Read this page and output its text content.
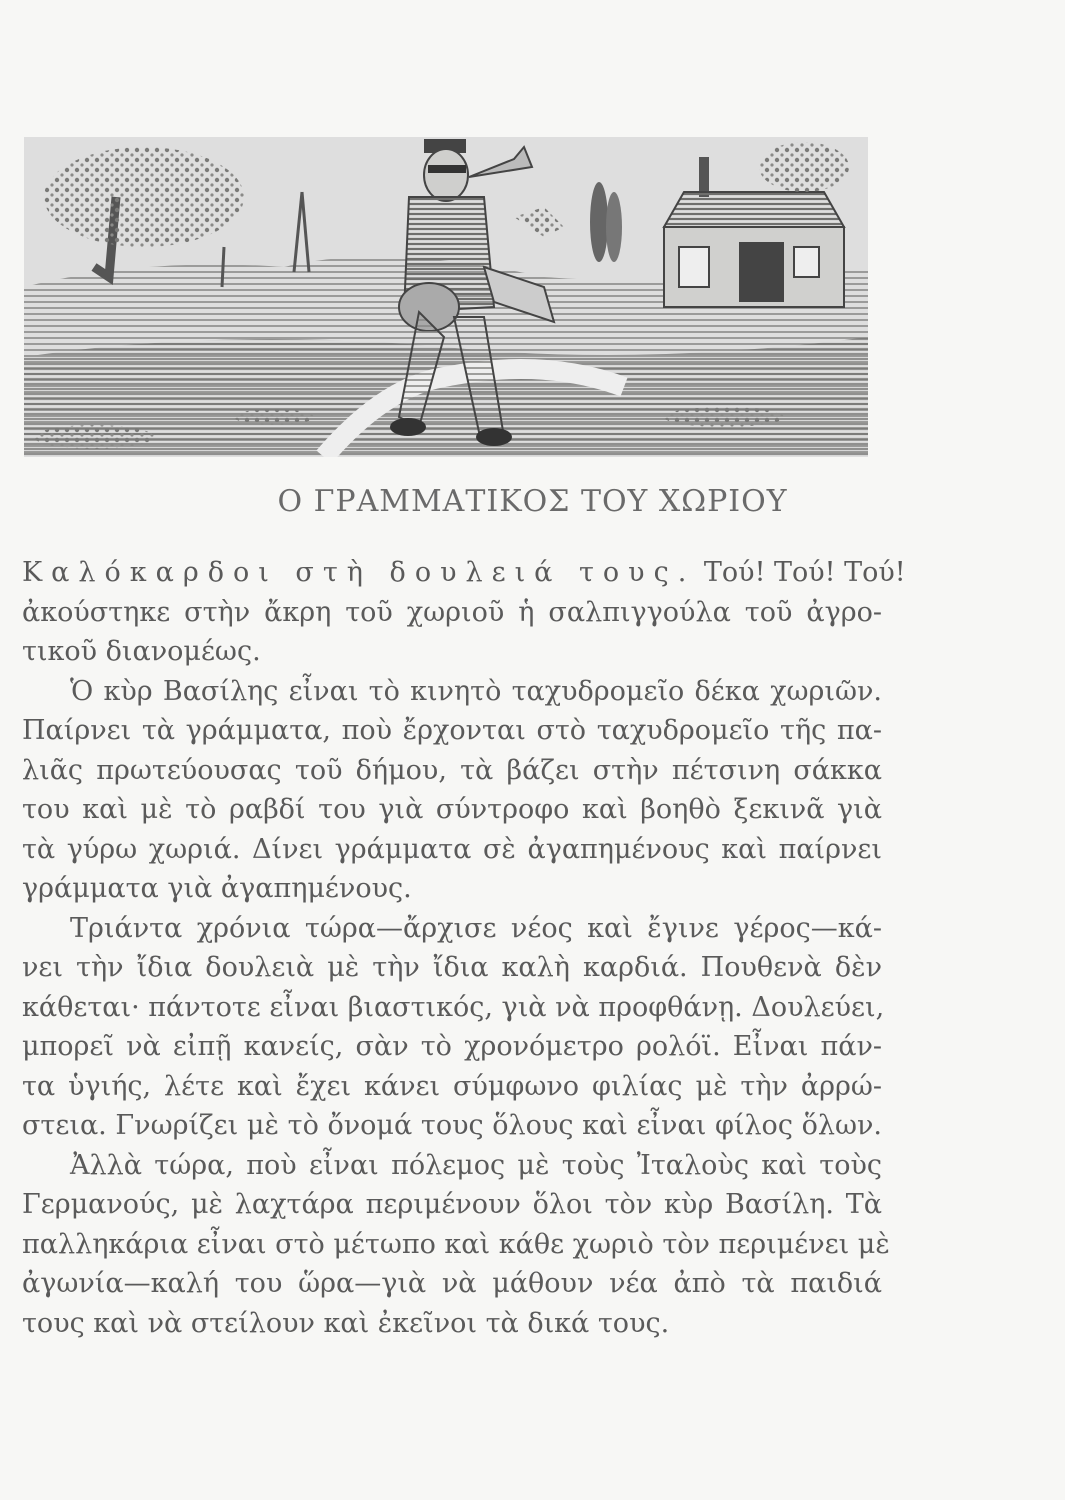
Ο ΓΡΑΜΜΑΤΙΚΟΣ ΤΟΥ ΧΩΡΙΟΥ
Καλόκαρδοι στὴ δουλειά τους. Τού! Τού! Τού!
ἀκούστηκε στὴν ἄκρη τοῦ χωριοῦ ἡ σαλπιγγούλα τοῦ ἀγρο-
τικοῦ διανομέως.
Ὁ κὺρ Βασίλης εἶναι τὸ κινητὸ ταχυδρομεῖο δέκα χωριῶν.
Παίρνει τὰ γράμματα, ποὺ ἔρχονται στὸ ταχυδρομεῖο τῆς πα-
λιᾶς πρωτεύουσας τοῦ δήμου, τὰ βάζει στὴν πέτσινη σάκκα
του καὶ μὲ τὸ ραβδί του γιὰ σύντροφο καὶ βοηθὸ ξεκινᾶ γιὰ
τὰ γύρω χωριά. Δίνει γράμματα σὲ ἀγαπημένους καὶ παίρνει
γράμματα γιὰ ἀγαπημένους.
Τριάντα χρόνια τώρα—ἄρχισε νέος καὶ ἔγινε γέρος—κά-
νει τὴν ἴδια δουλειὰ μὲ τὴν ἴδια καλὴ καρδιά. Πουθενὰ δὲν
κάθεται· πάντοτε εἶναι βιαστικός, γιὰ νὰ προφθάνῃ. Δουλεύει,
μπορεῖ νὰ εἰπῇ κανείς, σὰν τὸ χρονόμετρο ρολόϊ. Εἶναι πάν-
τα ὑγιής, λέτε καὶ ἔχει κάνει σύμφωνο φιλίας μὲ τὴν ἀρρώ-
στεια. Γνωρίζει μὲ τὸ ὄνομά τους ὅλους καὶ εἶναι φίλος ὅλων.
Ἀλλὰ τώρα, ποὺ εἶναι πόλεμος μὲ τοὺς Ἰταλοὺς καὶ τοὺς
Γερμανούς, μὲ λαχτάρα περιμένουν ὅλοι τὸν κὺρ Βασίλη. Τὰ
παλληκάρια εἶναι στὸ μέτωπο καὶ κάθε χωριὸ τὸν περιμένει μὲ
ἀγωνία—καλή του ὥρα—γιὰ νὰ μάθουν νέα ἀπὸ τὰ παιδιά
τους καὶ νὰ στείλουν καὶ ἐκεῖνοι τὰ δικά τους.
